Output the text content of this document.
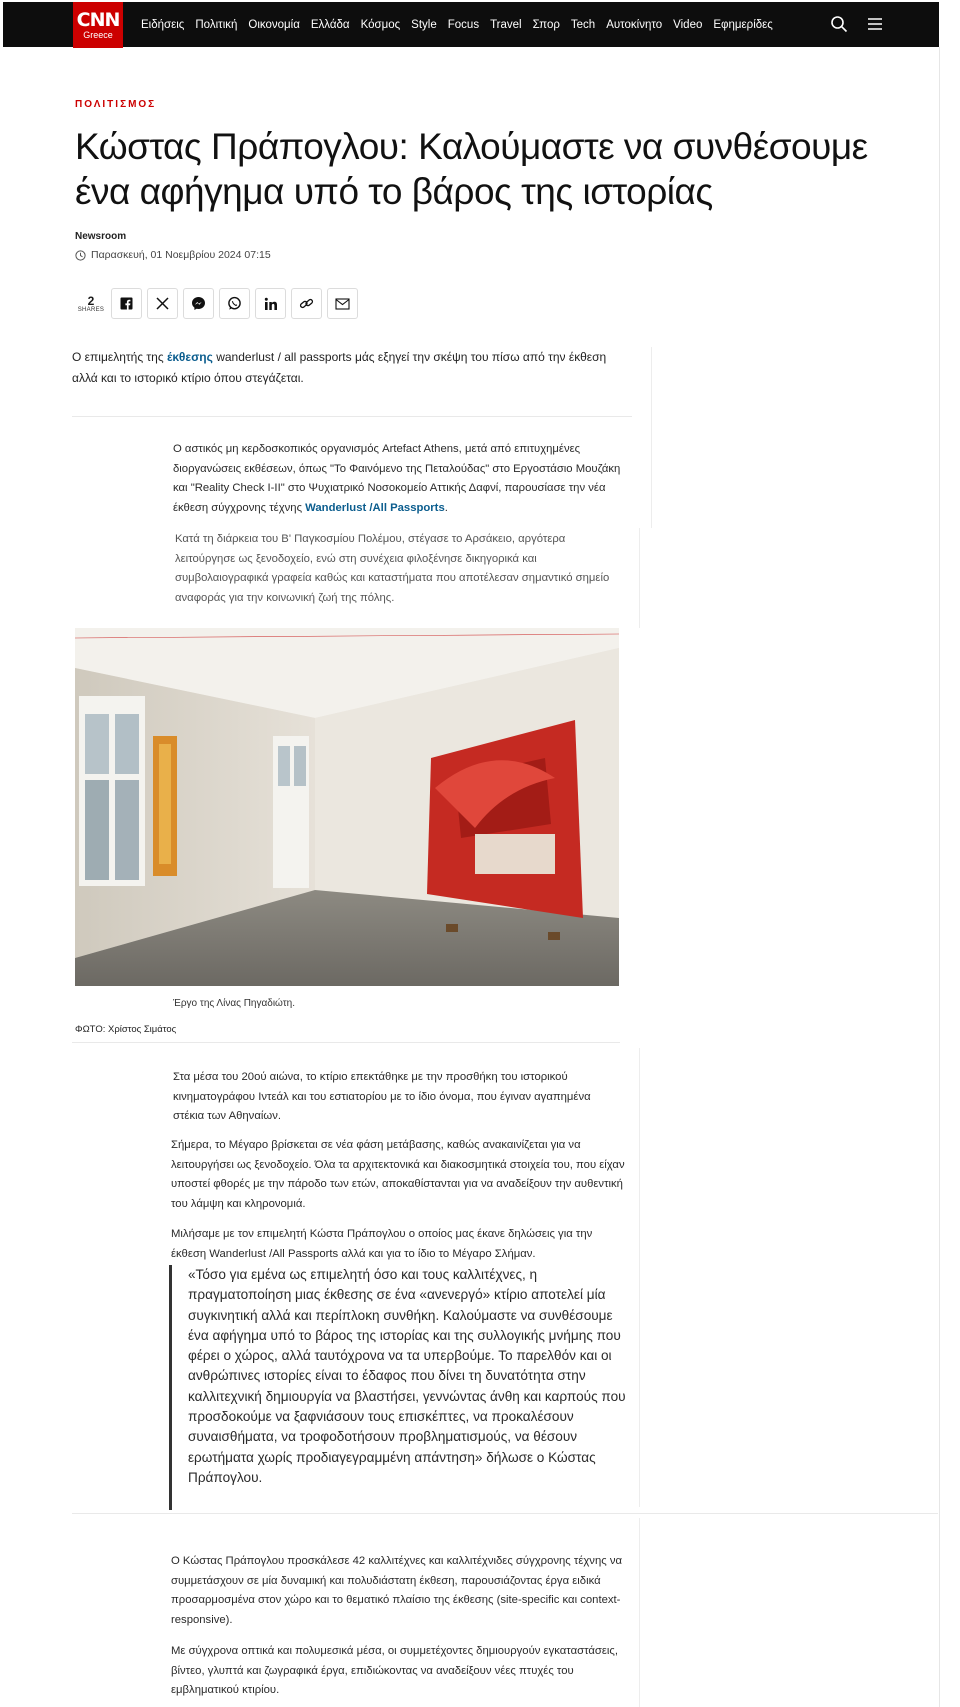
CNN
Greece
Ειδήσεις Πολιτική Οικονομία Ελλάδα Κόσμος Style Focus Travel Σπορ Tech Αυτοκίνητο Video Εφημερίδες
ΠΟΛΙΤΙΣΜΟΣ
Κώστας Πράπογλου: Καλούμαστε να συνθέσουμε ένα αφήγημα υπό το βάρος της ιστορίας
Newsroom
Παρασκευή, 01 Νοεμβρίου 2024 07:15
2
SHARES

Ο επιμελητής της έκθεσης wanderlust / all passports μάς εξηγεί την σκέψη του πίσω από την έκθεση αλλά και το ιστορικό κτίριο όπου στεγάζεται.

Ο αστικός μη κερδοσκοπικός οργανισμός Artefact Athens, μετά από επιτυχημένες διοργανώσεις εκθέσεων, όπως "Το Φαινόμενο της Πεταλούδας" στο Εργοστάσιο Μουζάκη και "Reality Check I-II" στο Ψυχιατρικό Νοσοκομείο Αττικής Δαφνί, παρουσίασε την νέα έκθεση σύγχρονης τέχνης Wanderlust /All Passports.

Κατά τη διάρκεια του Β' Παγκοσμίου Πολέμου, στέγασε το Αρσάκειο, αργότερα λειτούργησε ως ξενοδοχείο, ενώ στη συνέχεια φιλοξένησε δικηγορικά και συμβολαιογραφικά γραφεία καθώς και καταστήματα που αποτέλεσαν σημαντικό σημείο αναφοράς για την κοινωνική ζωή της πόλης.

Έργο της Λίνας Πηγαδιώτη.
ΦΩΤΟ: Χρίστος Σιμάτος

Στα μέσα του 20ού αιώνα, το κτίριο επεκτάθηκε με την προσθήκη του ιστορικού κινηματογράφου Ιντεάλ και του εστιατορίου με το ίδιο όνομα, που έγιναν αγαπημένα στέκια των Αθηναίων.

Σήμερα, το Μέγαρο βρίσκεται σε νέα φάση μετάβασης, καθώς ανακαινίζεται για να λειτουργήσει ως ξενοδοχείο. Όλα τα αρχιτεκτονικά και διακοσμητικά στοιχεία του, που είχαν υποστεί φθορές με την πάροδο των ετών, αποκαθίστανται για να αναδείξουν την αυθεντική του λάμψη και κληρονομιά.

Μιλήσαμε με τον επιμελητή Κώστα Πράπογλου ο οποίος μας έκανε δηλώσεις για την έκθεση Wanderlust /All Passports αλλά και για το ίδιο το Μέγαρο Σλήμαν.

«Τόσο για εμένα ως επιμελητή όσο και τους καλλιτέχνες, η πραγματοποίηση μιας έκθεσης σε ένα «ανενεργό» κτίριο αποτελεί μία συγκινητική αλλά και περίπλοκη συνθήκη. Καλούμαστε να συνθέσουμε ένα αφήγημα υπό το βάρος της ιστορίας και της συλλογικής μνήμης που φέρει ο χώρος, αλλά ταυτόχρονα να τα υπερβούμε. Το παρελθόν και οι ανθρώπινες ιστορίες είναι το έδαφος που δίνει τη δυνατότητα στην καλλιτεχνική δημιουργία να βλαστήσει, γεννώντας άνθη και καρπούς που προσδοκούμε να ξαφνιάσουν τους επισκέπτες, να προκαλέσουν συναισθήματα, να τροφοδοτήσουν προβληματισμούς, να θέσουν ερωτήματα χωρίς προδιαγεγραμμένη απάντηση» δήλωσε ο Κώστας Πράπογλου.

Ο Κώστας Πράπογλου προσκάλεσε 42 καλλιτέχνες και καλλιτέχνιδες σύγχρονης τέχνης να συμμετάσχουν σε μία δυναμική και πολυδιάστατη έκθεση, παρουσιάζοντας έργα ειδικά προσαρμοσμένα στον χώρο και το θεματικό πλαίσιο της έκθεσης (site-specific και context-responsive).

Με σύγχρονα οπτικά και πολυμεσικά μέσα, οι συμμετέχοντες δημιουργούν εγκαταστάσεις, βίντεο, γλυπτά και ζωγραφικά έργα, επιδιώκοντας να αναδείξουν νέες πτυχές του εμβληματικού κτιρίου.
